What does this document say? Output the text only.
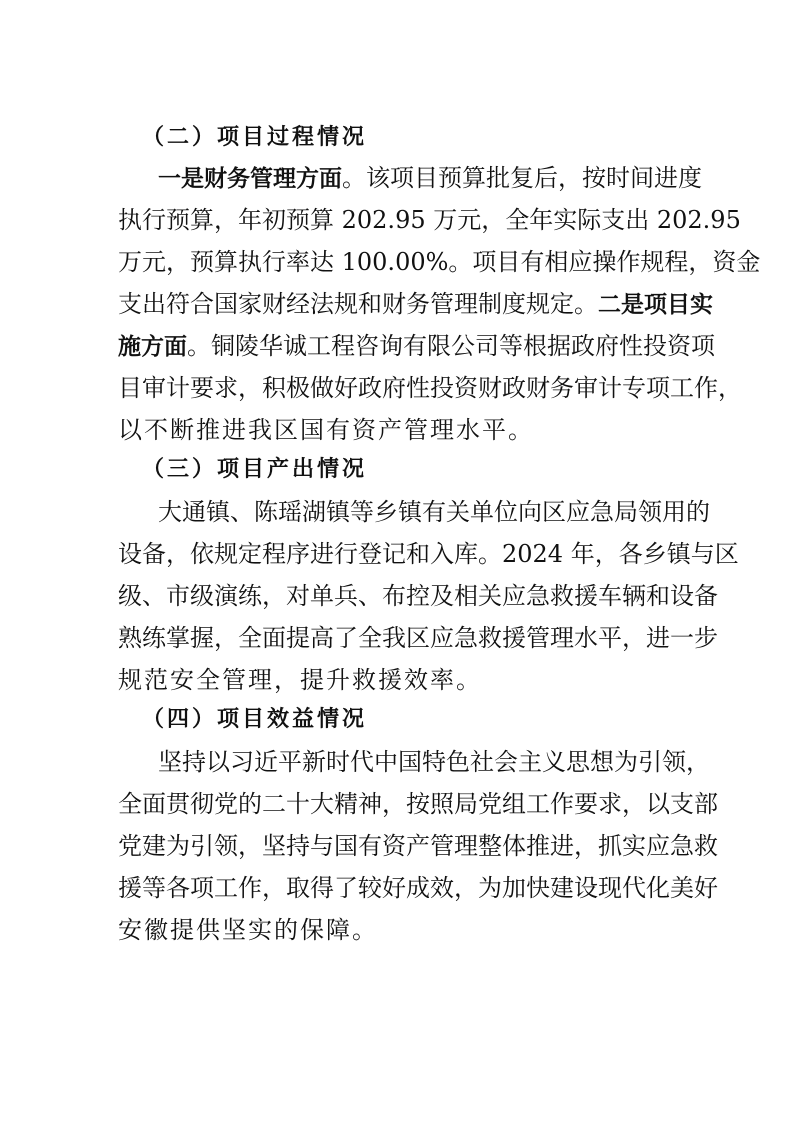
（二）项目过程情况
一是财务管理方面。该项目预算批复后，按时间进度
执行预算，年初预算 202.95 万元，全年实际支出 202.95
万元，预算执行率达 100.00%。项目有相应操作规程，资金
支出符合国家财经法规和财务管理制度规定。二是项目实
施方面。铜陵华诚工程咨询有限公司等根据政府性投资项
目审计要求，积极做好政府性投资财政财务审计专项工作，
以不断推进我区国有资产管理水平。
（三）项目产出情况
大通镇、陈瑶湖镇等乡镇有关单位向区应急局领用的
设备，依规定程序进行登记和入库。2024 年，各乡镇与区
级、市级演练，对单兵、布控及相关应急救援车辆和设备
熟练掌握，全面提高了全我区应急救援管理水平，进一步
规范安全管理，提升救援效率。
（四）项目效益情况
坚持以习近平新时代中国特色社会主义思想为引领，
全面贯彻党的二十大精神，按照局党组工作要求，以支部
党建为引领，坚持与国有资产管理整体推进，抓实应急救
援等各项工作，取得了较好成效，为加快建设现代化美好
安徽提供坚实的保障。
